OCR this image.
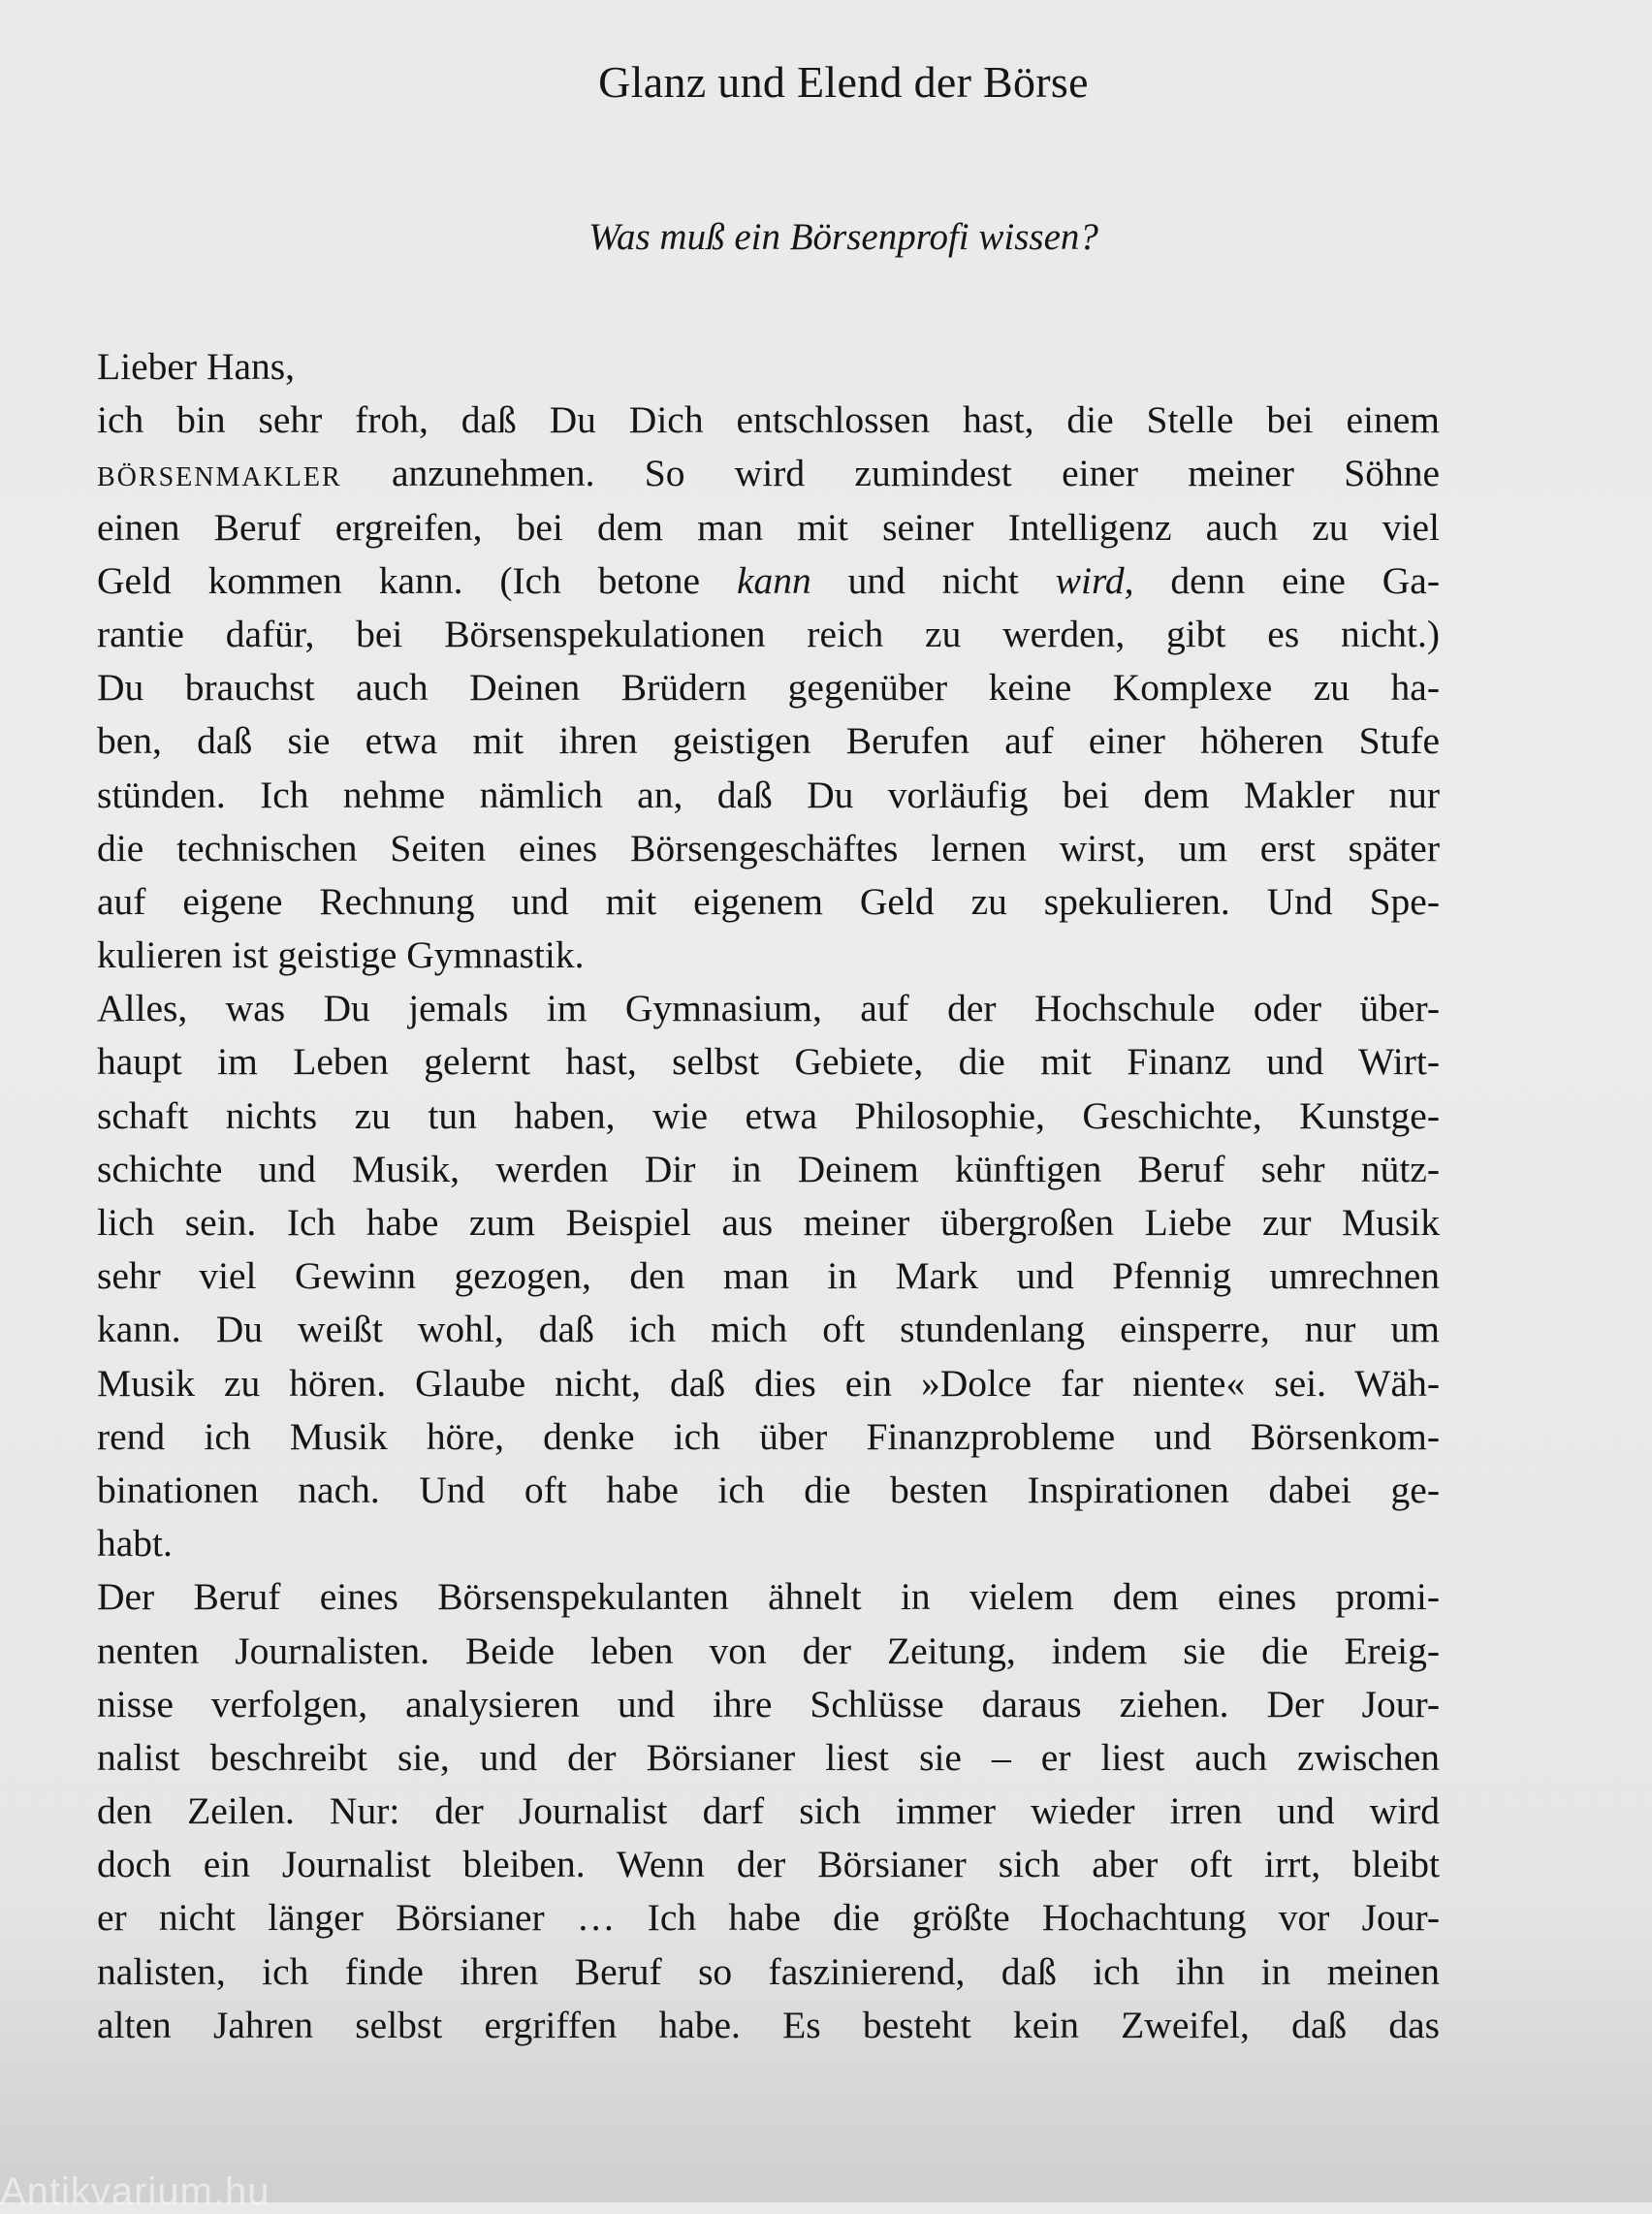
Glanz und Elend der Börse
Was muß ein Börsenprofi wissen?
Lieber Hans,
ich bin sehr froh, daß Du Dich entschlossen hast, die Stelle bei einem
BÖRSENMAKLER anzunehmen. So wird zumindest einer meiner Söhne
einen Beruf ergreifen, bei dem man mit seiner Intelligenz auch zu viel
Geld kommen kann. (Ich betone kann und nicht wird, denn eine Ga-
rantie dafür, bei Börsenspekulationen reich zu werden, gibt es nicht.)
Du brauchst auch Deinen Brüdern gegenüber keine Komplexe zu ha-
ben, daß sie etwa mit ihren geistigen Berufen auf einer höheren Stufe
stünden. Ich nehme nämlich an, daß Du vorläufig bei dem Makler nur
die technischen Seiten eines Börsengeschäftes lernen wirst, um erst später
auf eigene Rechnung und mit eigenem Geld zu spekulieren. Und Spe-
kulieren ist geistige Gymnastik.
Alles, was Du jemals im Gymnasium, auf der Hochschule oder über-
haupt im Leben gelernt hast, selbst Gebiete, die mit Finanz und Wirt-
schaft nichts zu tun haben, wie etwa Philosophie, Geschichte, Kunstge-
schichte und Musik, werden Dir in Deinem künftigen Beruf sehr nütz-
lich sein. Ich habe zum Beispiel aus meiner übergroßen Liebe zur Musik
sehr viel Gewinn gezogen, den man in Mark und Pfennig umrechnen
kann. Du weißt wohl, daß ich mich oft stundenlang einsperre, nur um
Musik zu hören. Glaube nicht, daß dies ein »Dolce far niente« sei. Wäh-
rend ich Musik höre, denke ich über Finanzprobleme und Börsenkom-
binationen nach. Und oft habe ich die besten Inspirationen dabei ge-
habt.
Der Beruf eines Börsenspekulanten ähnelt in vielem dem eines promi-
nenten Journalisten. Beide leben von der Zeitung, indem sie die Ereig-
nisse verfolgen, analysieren und ihre Schlüsse daraus ziehen. Der Jour-
nalist beschreibt sie, und der Börsianer liest sie – er liest auch zwischen
den Zeilen. Nur: der Journalist darf sich immer wieder irren und wird
doch ein Journalist bleiben. Wenn der Börsianer sich aber oft irrt, bleibt
er nicht länger Börsianer … Ich habe die größte Hochachtung vor Jour-
nalisten, ich finde ihren Beruf so faszinierend, daß ich ihn in meinen
alten Jahren selbst ergriffen habe. Es besteht kein Zweifel, daß das
Antikvarium.hu
